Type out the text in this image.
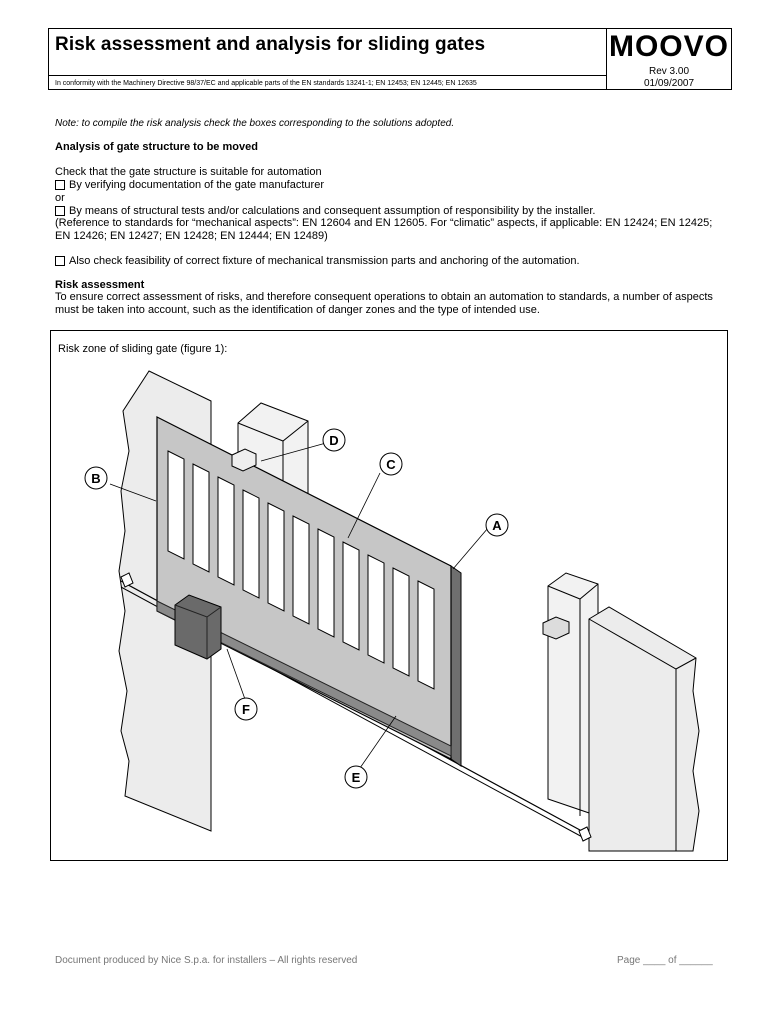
Risk assessment and analysis for sliding gates
In conformity with the Machinery Directive 98/37/EC and applicable parts of the EN standards 13241-1; EN 12453; EN 12445; EN 12635
MOOVO
Rev 3.00
01/09/2007
Note: to compile the risk analysis check the boxes corresponding to the solutions adopted.
Analysis of gate structure to be moved
Check that the gate structure is suitable for automation
By verifying documentation of the gate manufacturer
or
By means of structural tests and/or calculations and consequent assumption of responsibility by the installer.
(Reference to standards for “mechanical aspects”: EN 12604 and EN 12605. For “climatic” aspects, if applicable: EN 12424; EN 12425; EN 12426; EN 12427; EN 12428; EN 12444; EN 12489)
Also check feasibility of correct fixture of mechanical transmission parts and anchoring of the automation.
Risk assessment
To ensure correct assessment of risks, and therefore consequent operations to obtain an automation to standards, a number of aspects must be taken into account, such as the identification of danger zones and the type of intended use.
Risk zone of sliding gate (figure 1):
A
B
C
D
E
F
Document produced by Nice S.p.a. for installers – All rights reserved	Page ____ of ______
